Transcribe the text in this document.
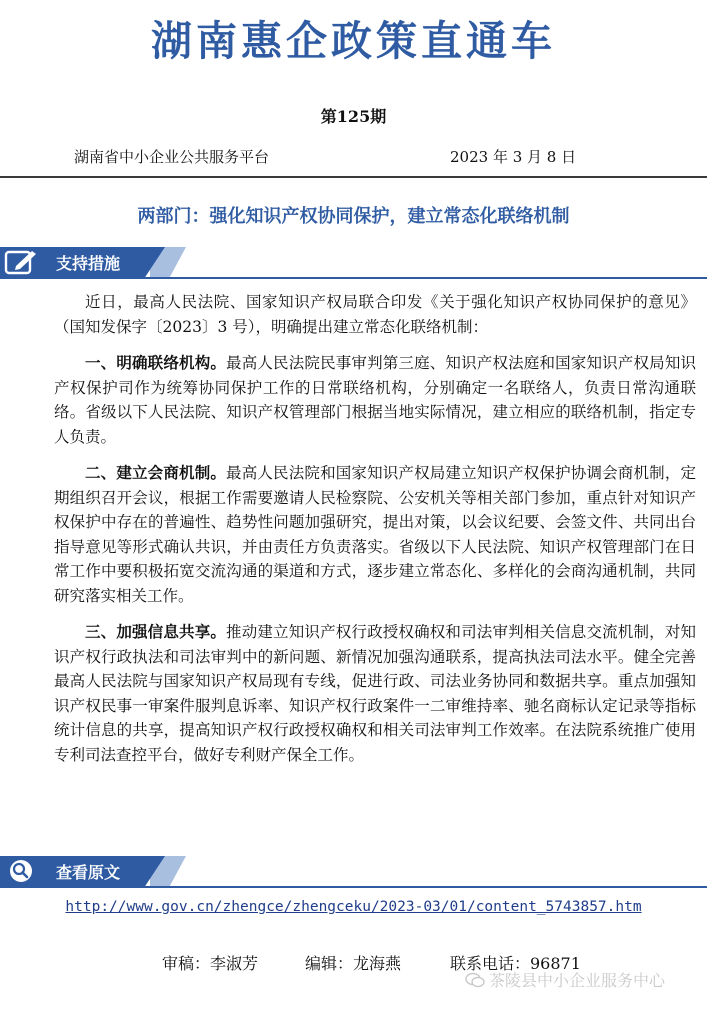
湖南惠企政策直通车
第125期
湖南省中小企业公共服务平台	2023 年 3 月 8 日
两部门：强化知识产权协同保护，建立常态化联络机制
支持措施

近日，最高人民法院、国家知识产权局联合印发《关于强化知识产权协同保护的意见》（国知发保字〔2023〕3 号），明确提出建立常态化联络机制：

一、明确联络机构。最高人民法院民事审判第三庭、知识产权法庭和国家知识产权局知识产权保护司作为统筹协同保护工作的日常联络机构，分别确定一名联络人，负责日常沟通联络。省级以下人民法院、知识产权管理部门根据当地实际情况，建立相应的联络机制，指定专人负责。

二、建立会商机制。最高人民法院和国家知识产权局建立知识产权保护协调会商机制，定期组织召开会议，根据工作需要邀请人民检察院、公安机关等相关部门参加，重点针对知识产权保护中存在的普遍性、趋势性问题加强研究，提出对策，以会议纪要、会签文件、共同出台指导意见等形式确认共识，并由责任方负责落实。省级以下人民法院、知识产权管理部门在日常工作中要积极拓宽交流沟通的渠道和方式，逐步建立常态化、多样化的会商沟通机制，共同研究落实相关工作。

三、加强信息共享。推动建立知识产权行政授权确权和司法审判相关信息交流机制，对知识产权行政执法和司法审判中的新问题、新情况加强沟通联系，提高执法司法水平。健全完善最高人民法院与国家知识产权局现有专线，促进行政、司法业务协同和数据共享。重点加强知识产权民事一审案件服判息诉率、知识产权行政案件一二审维持率、驰名商标认定记录等指标统计信息的共享，提高知识产权行政授权确权和相关司法审判工作效率。在法院系统推广使用专利司法查控平台，做好专利财产保全工作。

查看原文
http://www.gov.cn/zhengce/zhengceku/2023-03/01/content_5743857.htm
审稿：李淑芳	编辑：龙海燕	联系电话：96871
茶陵县中小企业服务中心
